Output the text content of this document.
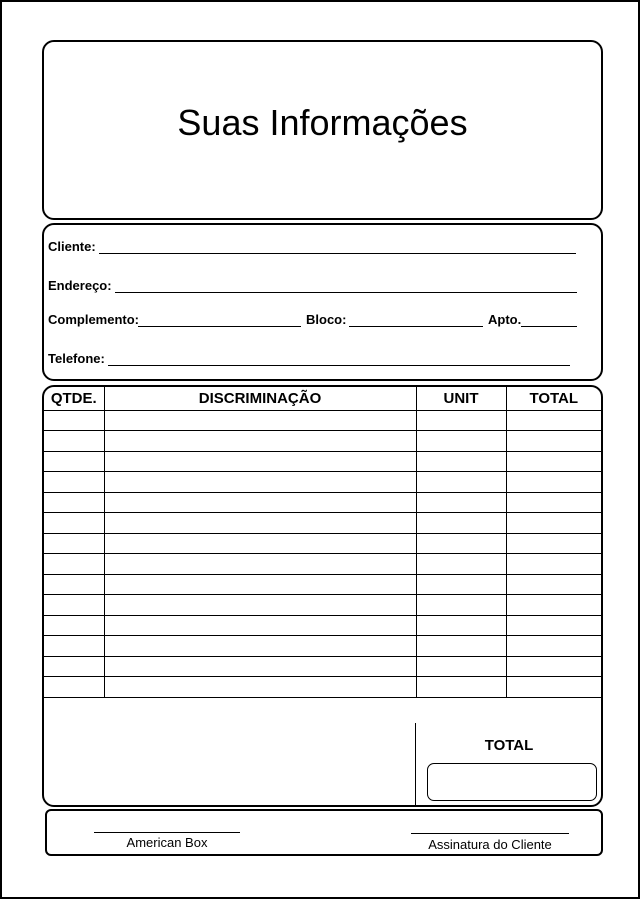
Suas Informações
Cliente:
Endereço:
Complemento:	Bloco:	Apto.
Telefone:
QTDE.	DISCRIMINAÇÃO	UNIT	TOTAL

TOTAL
American Box	Assinatura do Cliente
